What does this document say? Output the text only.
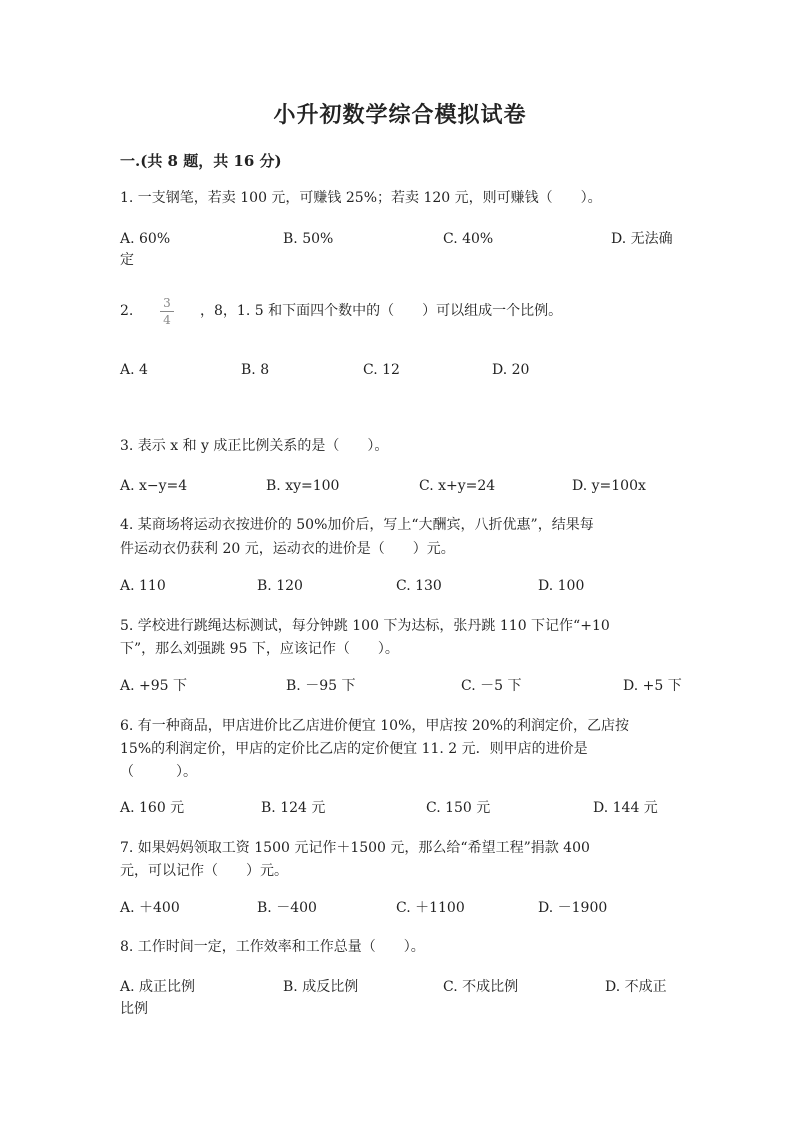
小升初数学综合模拟试卷
一.(共 8 题，共 16 分)
1. 一支钢笔，若卖 100 元，可赚钱 25%；若卖 120 元，则可赚钱（　　）。
A. 60%	B. 50%	C. 40%	D. 无法确
定
2. 3
4
，8，1. 5 和下面四个数中的（　　）可以组成一个比例。
A. 4	B. 8	C. 12	D. 20
3. 表示 x 和 y 成正比例关系的是（　　）。
A. x−y=4	B. xy=100	C. x+y=24	D. y=100x
4. 某商场将运动衣按进价的 50%加价后，写上“大酬宾，八折优惠”，结果每
件运动衣仍获利 20 元，运动衣的进价是（　　）元。
A. 110	B. 120	C. 130	D. 100
5. 学校进行跳绳达标测试，每分钟跳 100 下为达标，张丹跳 110 下记作“+10
下”，那么刘强跳 95 下，应该记作（　　）。
A. +95 下	B. －95 下	C. －5 下	D. +5 下
6. 有一种商品，甲店进价比乙店进价便宜 10%，甲店按 20%的利润定价，乙店按
15%的利润定价，甲店的定价比乙店的定价便宜 11. 2 元．则甲店的进价是
（　　　）。
A. 160 元	B. 124 元	C. 150 元	D. 144 元
7. 如果妈妈领取工资 1500 元记作＋1500 元，那么给“希望工程”捐款 400
元，可以记作（　　）元。
A. ＋400	B. －400	C. ＋1100	D. －1900
8. 工作时间一定，工作效率和工作总量（　　）。
A. 成正比例	B. 成反比例	C. 不成比例	D. 不成正
比例
